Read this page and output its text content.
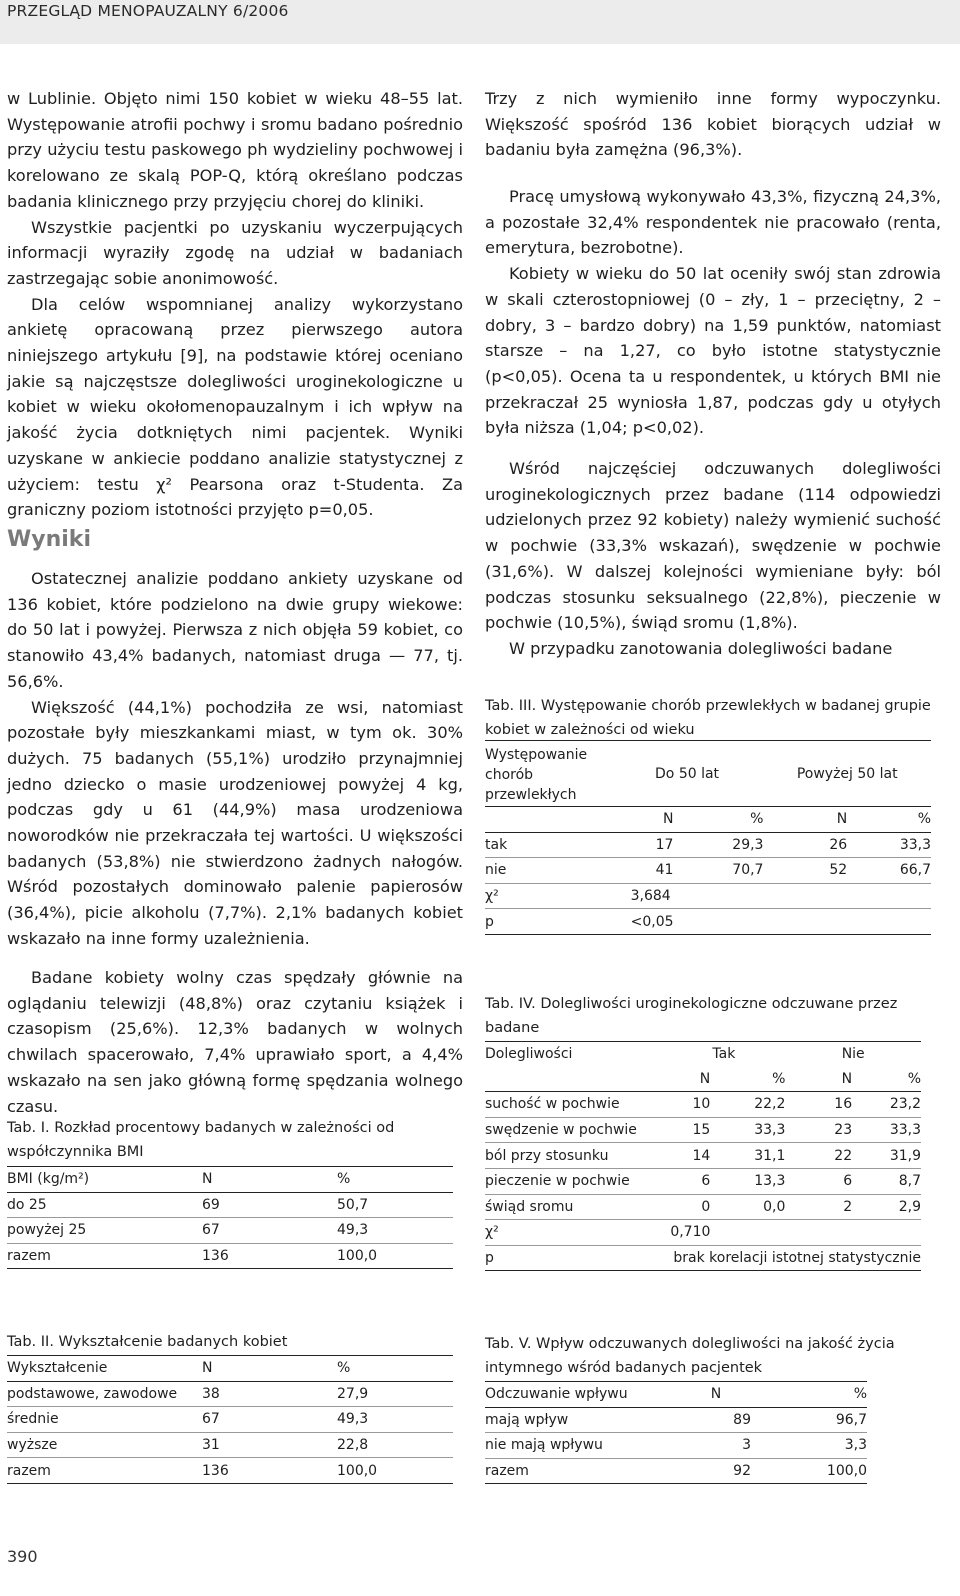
PRZEGLĄD MENOPAUZALNY 6/2006

w Lublinie. Objęto nimi 150 kobiet w wieku 48–55 lat. Występowanie atrofii pochwy i sromu badano pośrednio przy użyciu testu paskowego ph wydzieliny pochwowej i korelowano ze skalą POP-Q, którą określano podczas badania klinicznego przy przyjęciu chorej do kliniki.

Wszystkie pacjentki po uzyskaniu wyczerpujących informacji wyraziły zgodę na udział w badaniach zastrzegając sobie anonimowość.

Dla celów wspomnianej analizy wykorzystano ankietę opracowaną przez pierwszego autora niniejszego artykułu [9], na podstawie której oceniano jakie są najczęstsze dolegliwości uroginekologiczne u kobiet w wieku okołomenopauzalnym i ich wpływ na jakość życia dotkniętych nimi pacjentek. Wyniki uzyskane w ankiecie poddano analizie statystycznej z użyciem: testu χ² Pearsona oraz t-Studenta. Za graniczny poziom istotności przyjęto p=0,05.

Wyniki

Ostatecznej analizie poddano ankiety uzyskane od 136 kobiet, które podzielono na dwie grupy wiekowe: do 50 lat i powyżej. Pierwsza z nich objęła 59 kobiet, co stanowiło 43,4% badanych, natomiast druga — 77, tj. 56,6%.

Większość (44,1%) pochodziła ze wsi, natomiast pozostałe były mieszkankami miast, w tym ok. 30% dużych. 75 badanych (55,1%) urodziło przynajmniej jedno dziecko o masie urodzeniowej powyżej 4 kg, podczas gdy u 61 (44,9%) masa urodzeniowa noworodków nie przekraczała tej wartości. U większości badanych (53,8%) nie stwierdzono żadnych nałogów. Wśród pozostałych dominowało palenie papierosów (36,4%), picie alkoholu (7,7%). 2,1% badanych kobiet wskazało na inne formy uzależnienia.

Badane kobiety wolny czas spędzały głównie na oglądaniu telewizji (48,8%) oraz czytaniu książek i czasopism (25,6%). 12,3% badanych w wolnych chwilach spacerowało, 7,4% uprawiało sport, a 4,4% wskazało na sen jako główną formę spędzania wolnego czasu.

Tab. I. Rozkład procentowy badanych w zależności od współczynnika BMI
BMI (kg/m²)	N	%
do 25	69	50,7
powyżej 25	67	49,3
razem	136	100,0
Tab. II. Wykształcenie badanych kobiet
Wykształcenie	N	%
podstawowe, zawodowe	38	27,9
średnie	67	49,3
wyższe	31	22,8
razem	136	100,0
390

Trzy z nich wymieniło inne formy wypoczynku. Większość spośród 136 kobiet biorących udział w badaniu była zamężna (96,3%).

Pracę umysłową wykonywało 43,3%, fizyczną 24,3%, a pozostałe 32,4% respondentek nie pracowało (renta, emerytura, bezrobotne).

Kobiety w wieku do 50 lat oceniły swój stan zdrowia w skali czterostopniowej (0 – zły, 1 – przeciętny, 2 – dobry, 3 – bardzo dobry) na 1,59 punktów, natomiast starsze – na 1,27, co było istotne statystycznie (p<0,05). Ocena ta u respondentek, u których BMI nie przekraczał 25 wyniosła 1,87, podczas gdy u otyłych była niższa (1,04; p<0,02).

Wśród najczęściej odczuwanych dolegliwości uroginekologicznych przez badane (114 odpowiedzi udzielonych przez 92 kobiety) należy wymienić suchość w pochwie (33,3% wskazań), swędzenie w pochwie (31,6%). W dalszej kolejności wymieniane były: ból podczas stosunku seksualnego (22,8%), pieczenie w pochwie (10,5%), świąd sromu (1,8%).

W przypadku zanotowania dolegliwości badane

Tab. III. Występowanie chorób przewlekłych w badanej grupie kobiet w zależności od wieku
Występowanie chorób przewlekłych	Do 50 lat		Powyżej 50 lat	
	N	%	N	%
tak	17	29,3	26	33,3
nie	41	70,7	52	66,7
χ²	3,684			
p	<0,05			
Tab. IV. Dolegliwości uroginekologiczne odczuwane przez badane
Dolegliwości	Tak		Nie	
	N	%	N	%
suchość w pochwie	10	22,2	16	23,2
swędzenie w pochwie	15	33,3	23	33,3
ból przy stosunku	14	31,1	22	31,9
pieczenie w pochwie	6	13,3	6	8,7
świąd sromu	0	0,0	2	2,9
χ²	0,710			
p	brak korelacji istotnej statystycznie			
Tab. V. Wpływ odczuwanych dolegliwości na jakość życia intymnego wśród badanych pacjentek
Odczuwanie wpływu	N	%
mają wpływ	89	96,7
nie mają wpływu	3	3,3
razem	92	100,0
